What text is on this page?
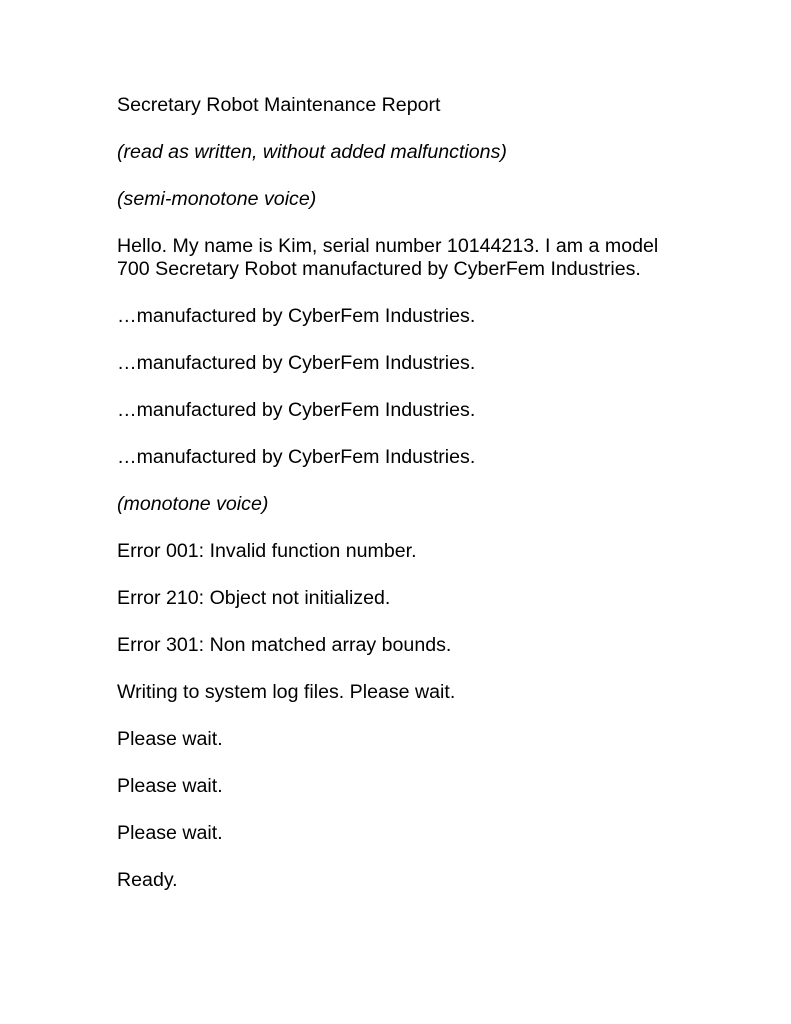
Secretary Robot Maintenance Report

(read as written, without added malfunctions)

(semi-monotone voice)

Hello. My name is Kim, serial number 10144213. I am a model 700 Secretary Robot manufactured by CyberFem Industries.

…manufactured by CyberFem Industries.

…manufactured by CyberFem Industries.

…manufactured by CyberFem Industries.

…manufactured by CyberFem Industries.

(monotone voice)

Error 001: Invalid function number.

Error 210: Object not initialized.

Error 301: Non matched array bounds.

Writing to system log files. Please wait.

Please wait.

Please wait.

Please wait.

Ready.
